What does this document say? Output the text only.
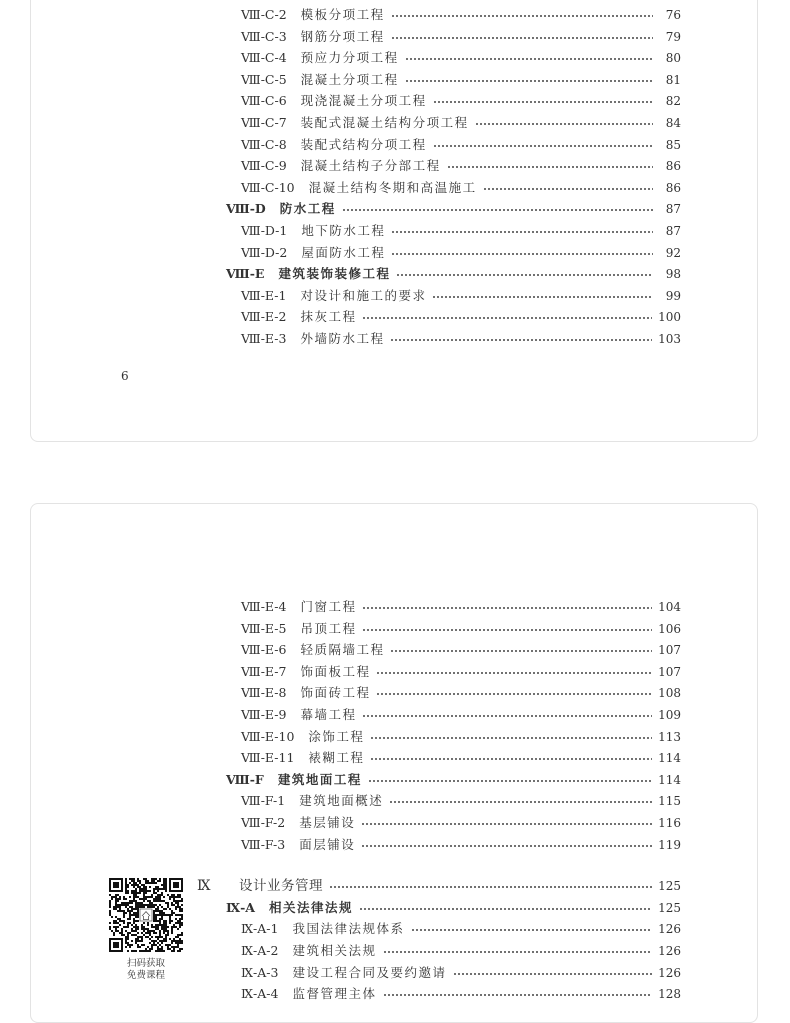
Ⅷ-C-2 模板分项工程	76
Ⅷ-C-3 钢筋分项工程	79
Ⅷ-C-4 预应力分项工程	80
Ⅷ-C-5 混凝土分项工程	81
Ⅷ-C-6 现浇混凝土分项工程	82
Ⅷ-C-7 装配式混凝土结构分项工程	84
Ⅷ-C-8 装配式结构分项工程	85
Ⅷ-C-9 混凝土结构子分部工程	86
Ⅷ-C-10 混凝土结构冬期和高温施工	86
Ⅷ-D 防水工程	87
Ⅷ-D-1 地下防水工程	87
Ⅷ-D-2 屋面防水工程	92
Ⅷ-E 建筑装饰装修工程	98
Ⅷ-E-1 对设计和施工的要求	99
Ⅷ-E-2 抹灰工程	100
Ⅷ-E-3 外墙防水工程	103
6
Ⅷ-E-4 门窗工程	104
Ⅷ-E-5 吊顶工程	106
Ⅷ-E-6 轻质隔墙工程	107
Ⅷ-E-7 饰面板工程	107
Ⅷ-E-8 饰面砖工程	108
Ⅷ-E-9 幕墙工程	109
Ⅷ-E-10 涂饰工程	113
Ⅷ-E-11 裱糊工程	114
Ⅷ-F 建筑地面工程	114
Ⅷ-F-1 建筑地面概述	115
Ⅷ-F-2 基层铺设	116
Ⅷ-F-3 面层铺设	119
Ⅸ	设计业务管理	125
Ⅸ-A 相关法律法规	125
Ⅸ-A-1 我国法律法规体系	126
Ⅸ-A-2 建筑相关法规	126
Ⅸ-A-3 建设工程合同及要约邀请	126
Ⅸ-A-4 监督管理主体	128
扫码获取
免费课程
